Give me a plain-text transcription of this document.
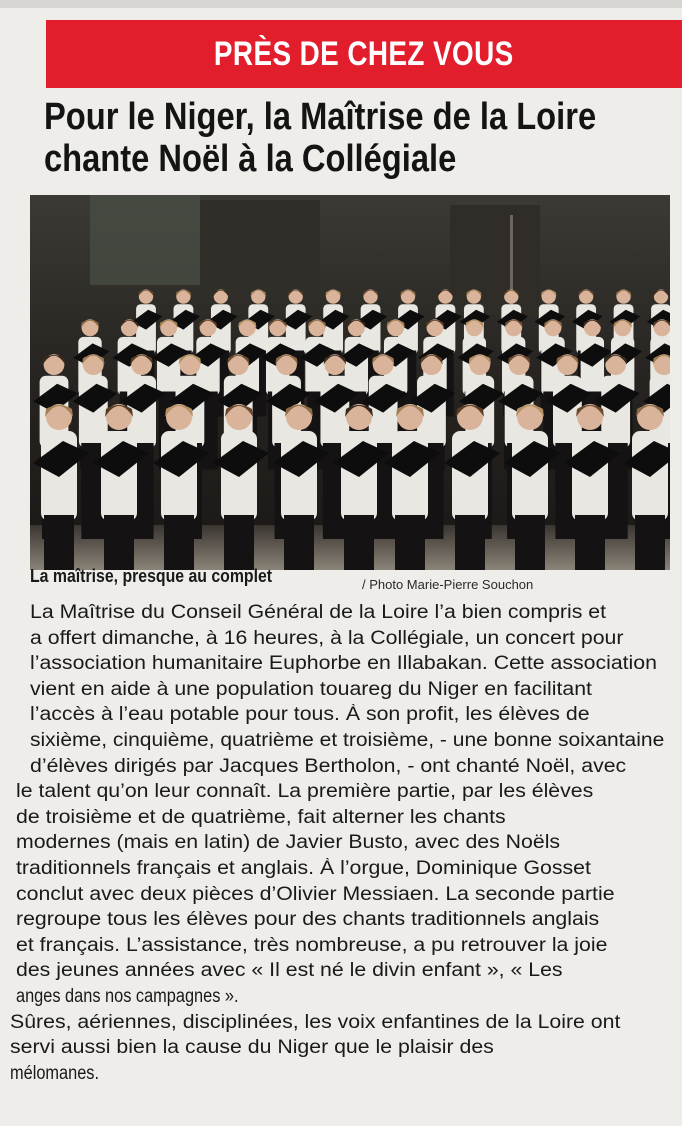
PRÈS DE CHEZ VOUS
Pour le Niger, la Maîtrise de la Loire
chante Noël à la Collégiale
La maîtrise, presque au complet	/ Photo Marie-Pierre Souchon
La Maîtrise du Conseil Général de la Loire l’a bien compris et
a offert dimanche, à 16 heures, à la Collégiale, un concert pour
l’association humanitaire Euphorbe en Illabakan. Cette association
vient en aide à une population touareg du Niger en facilitant
l’accès à l’eau potable pour tous. À son profit, les élèves de
sixième, cinquième, quatrième et troisième, - une bonne soixantaine
d’élèves dirigés par Jacques Bertholon, - ont chanté Noël, avec
le talent qu’on leur connaît. La première partie, par les élèves
de troisième et de quatrième, fait alterner les chants
modernes (mais en latin) de Javier Busto, avec des Noëls
traditionnels français et anglais. À l’orgue, Dominique Gosset
conclut avec deux pièces d’Olivier Messiaen. La seconde partie
regroupe tous les élèves pour des chants traditionnels anglais
et français. L’assistance, très nombreuse, a pu retrouver la joie
des jeunes années avec « Il est né le divin enfant », « Les
anges dans nos campagnes ».
Sûres, aériennes, disciplinées, les voix enfantines de la Loire ont
servi aussi bien la cause du Niger que le plaisir des
mélomanes.
